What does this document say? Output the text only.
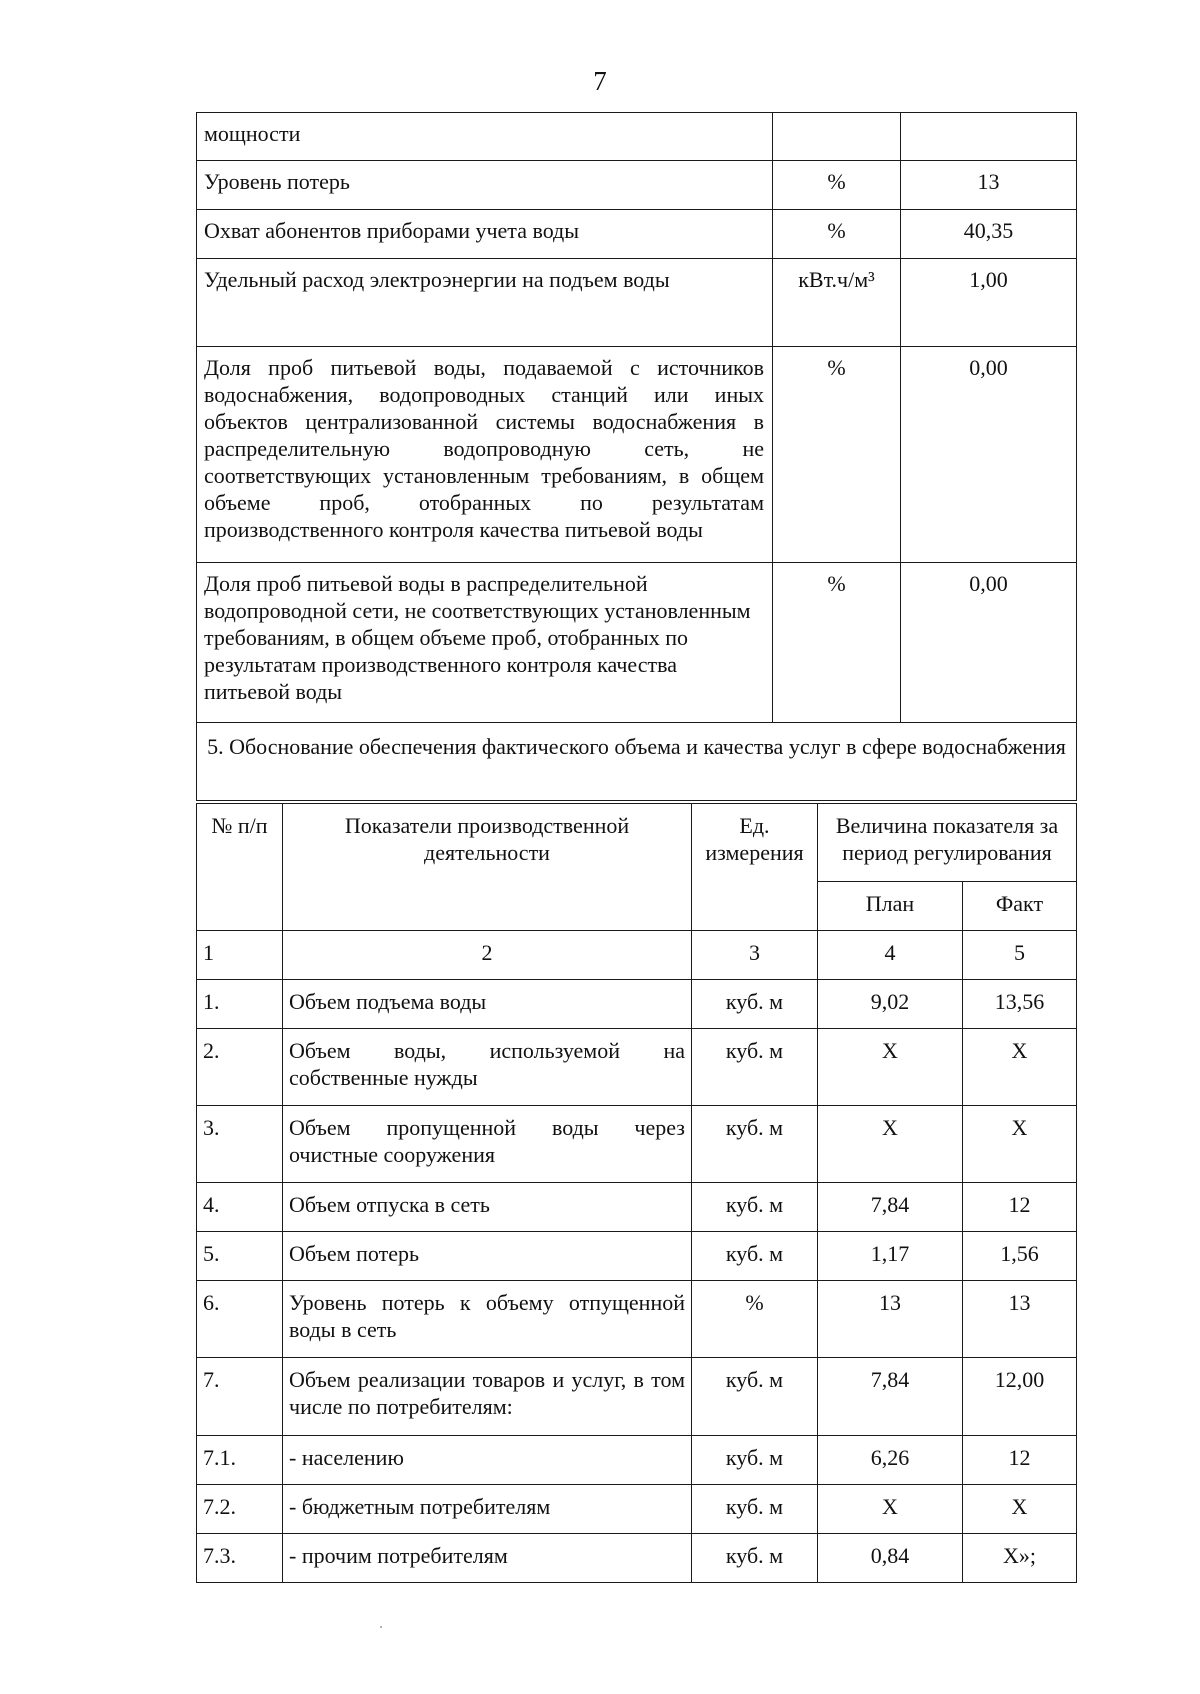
7
мощности		
Уровень потерь	%	13
Охват абонентов приборами учета воды	%	40,35
Удельный расход электроэнергии на подъем воды	кВт.ч/м³	1,00
Доля проб питьевой воды, подаваемой с источников водоснабжения, водопроводных станций или иных объектов централизованной системы водоснабжения в распределительную водопроводную сеть, не соответствующих установленным требованиям, в общем объеме проб, отобранных по результатам производственного контроля качества питьевой воды	%	0,00
Доля проб питьевой воды в распределительной водопроводной сети, не соответствующих установленным требованиям, в общем объеме проб, отобранных по результатам производственного контроля качества питьевой воды	%	0,00
5. Обоснование обеспечения фактического объема и качества услуг в сфере водоснабжения		
№ п/п	Показатели производственной деятельности	Ед. измерения	Величина показателя за период регулирования	
			План	Факт
1	2	3	4	5
1.	Объем подъема воды	куб. м	9,02	13,56
2.	Объем воды, используемой на собственные нужды	куб. м	Х	Х
3.	Объем пропущенной воды через очистные сооружения	куб. м	Х	Х
4.	Объем отпуска в сеть	куб. м	7,84	12
5.	Объем потерь	куб. м	1,17	1,56
6.	Уровень потерь к объему отпущенной воды в сеть	%	13	13
7.	Объем реализации товаров и услуг, в том числе по потребителям:	куб. м	7,84	12,00
7.1.	- населению	куб. м	6,26	12
7.2.	- бюджетным потребителям	куб. м	Х	Х
7.3.	- прочим потребителям	куб. м	0,84	Х»;
